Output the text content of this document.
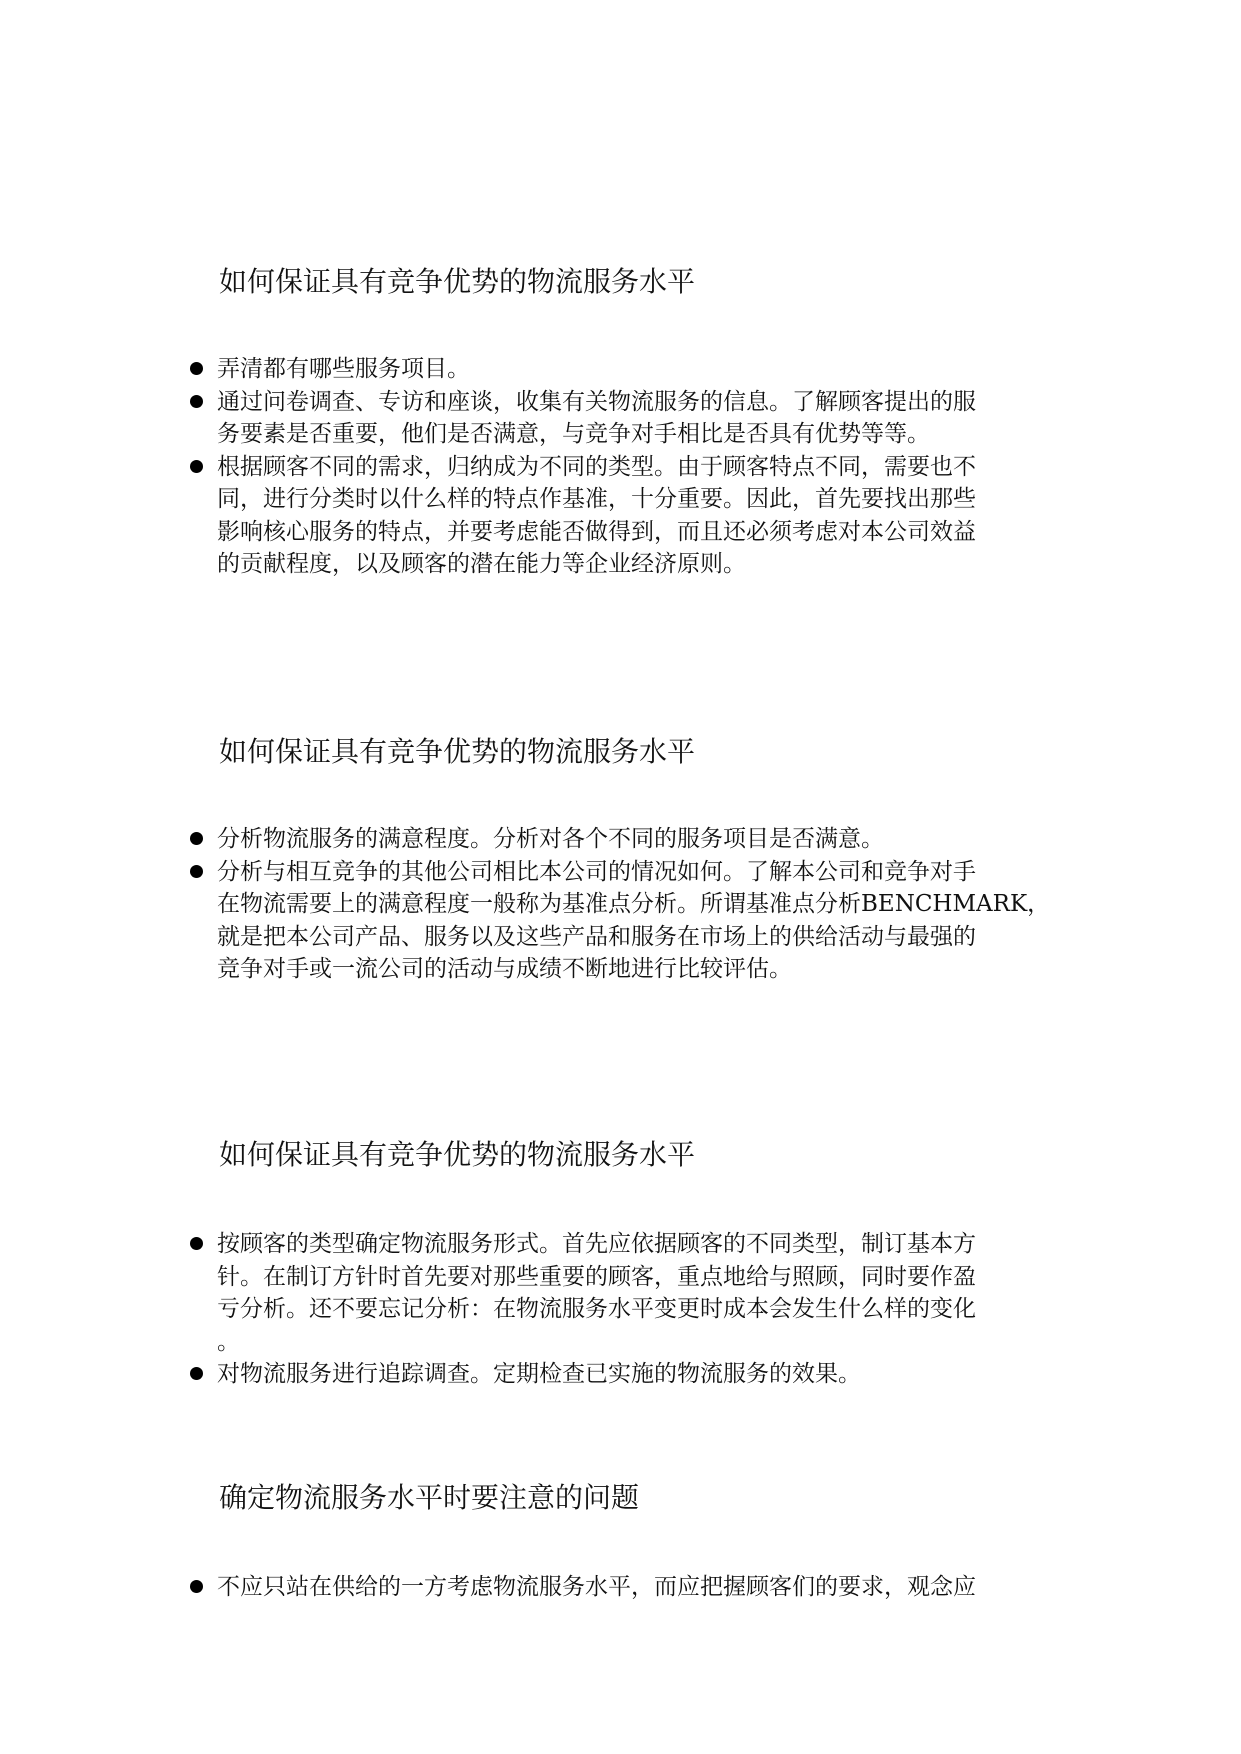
如何保证具有竞争优势的物流服务水平
弄清都有哪些服务项目。
通过问卷调查、专访和座谈，收集有关物流服务的信息。了解顾客提出的服
务要素是否重要，他们是否满意，与竞争对手相比是否具有优势等等。
根据顾客不同的需求，归纳成为不同的类型。由于顾客特点不同，需要也不
同，进行分类时以什么样的特点作基准，十分重要。因此，首先要找出那些
影响核心服务的特点，并要考虑能否做得到，而且还必须考虑对本公司效益
的贡献程度，以及顾客的潜在能力等企业经济原则。
如何保证具有竞争优势的物流服务水平
分析物流服务的满意程度。分析对各个不同的服务项目是否满意。
分析与相互竞争的其他公司相比本公司的情况如何。了解本公司和竞争对手
在物流需要上的满意程度一般称为基准点分析。所谓基准点分析BENCHMARK，
就是把本公司产品、服务以及这些产品和服务在市场上的供给活动与最强的
竞争对手或一流公司的活动与成绩不断地进行比较评估。
如何保证具有竞争优势的物流服务水平
按顾客的类型确定物流服务形式。首先应依据顾客的不同类型，制订基本方
针。在制订方针时首先要对那些重要的顾客，重点地给与照顾，同时要作盈
亏分析。还不要忘记分析：在物流服务水平变更时成本会发生什么样的变化
。
对物流服务进行追踪调查。定期检查已实施的物流服务的效果。
确定物流服务水平时要注意的问题
不应只站在供给的一方考虑物流服务水平，而应把握顾客们的要求，观念应
